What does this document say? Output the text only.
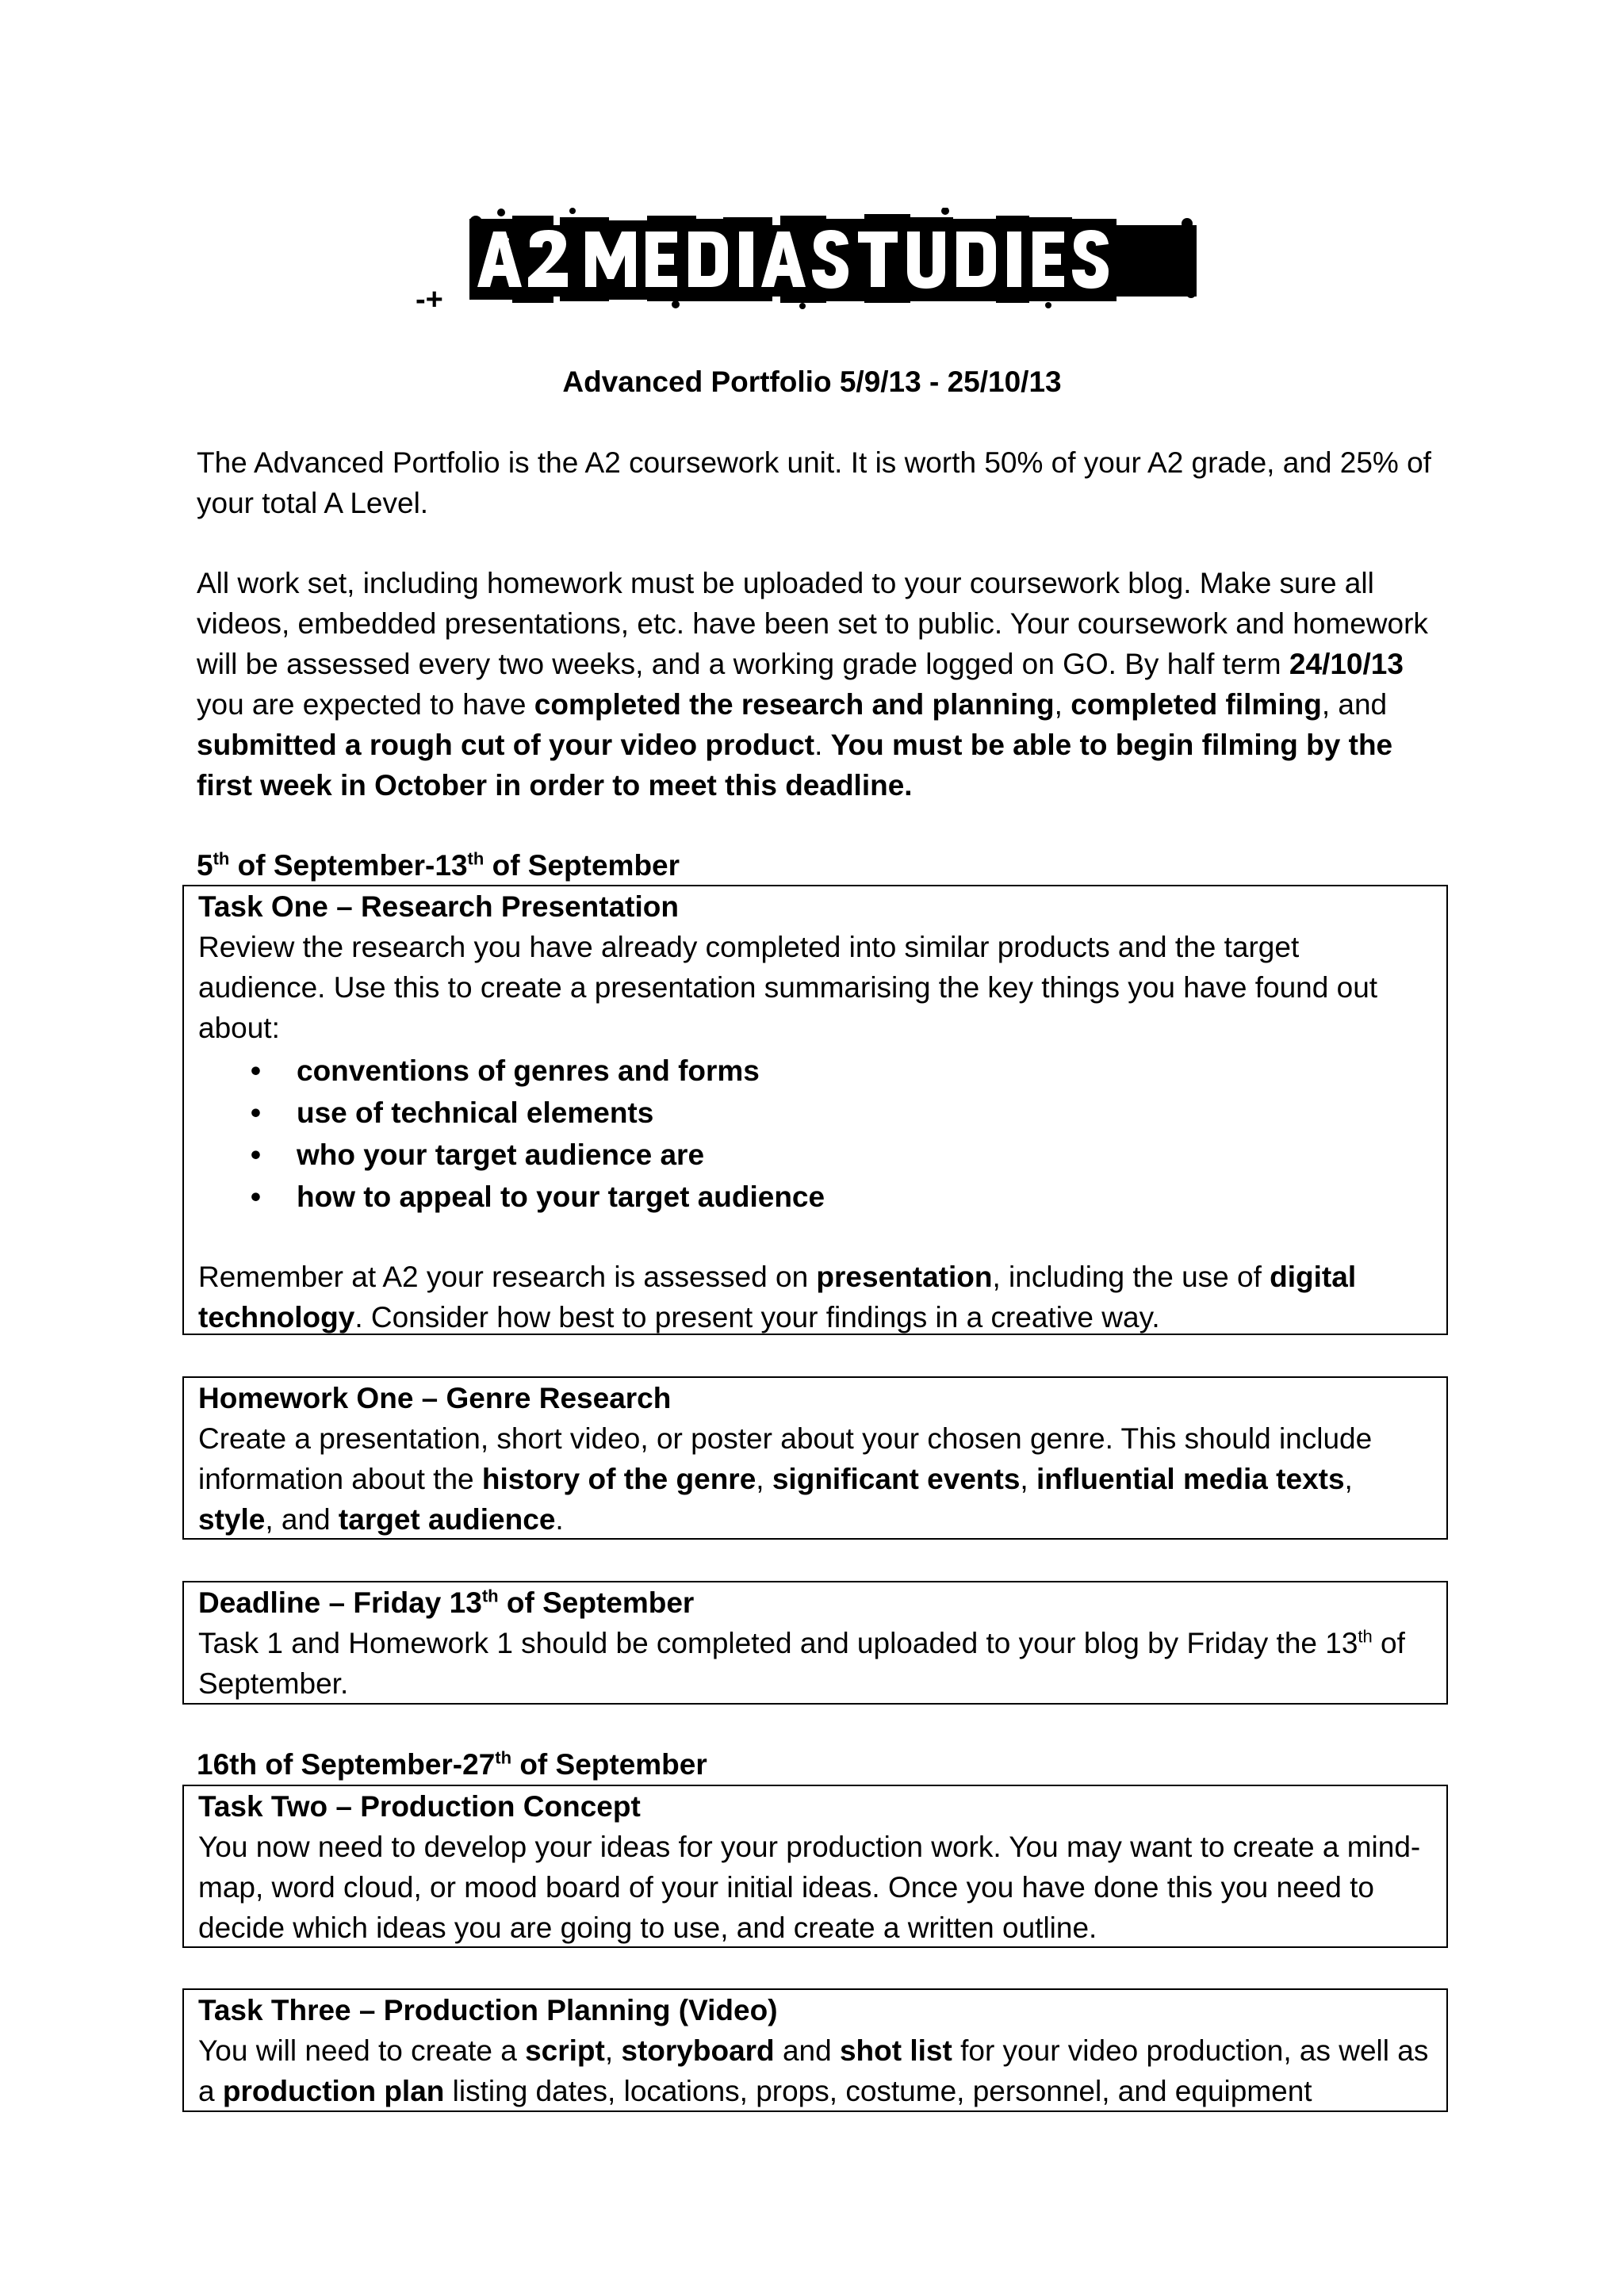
-+

Advanced Portfolio 5/9/13 - 25/10/13

The Advanced Portfolio is the A2 coursework unit. It is worth 50% of your A2 grade, and 25% of your total A Level.

All work set, including homework must be uploaded to your coursework blog. Make sure all videos, embedded presentations, etc. have been set to public. Your coursework and homework will be assessed every two weeks, and a working grade logged on GO. By half term 24/10/13 you are expected to have completed the research and planning, completed filming, and submitted a rough cut of your video product. You must be able to begin filming by the first week in October in order to meet this deadline.

5th of September-13th of September

Task One – Research Presentation

Review the research you have already completed into similar products and the target audience. Use this to create a presentation summarising the key things you have found out about:

• conventions of genres and forms
• use of technical elements
• who your target audience are
• how to appeal to your target audience

Remember at A2 your research is assessed on presentation, including the use of digital technology. Consider how best to present your findings in a creative way.

Homework One – Genre Research

Create a presentation, short video, or poster about your chosen genre. This should include information about the history of the genre, significant events, influential media texts, style, and target audience.

Deadline – Friday 13th of September

Task 1 and Homework 1 should be completed and uploaded to your blog by Friday the 13th of September.

16th of September-27th of September

Task Two – Production Concept

You now need to develop your ideas for your production work. You may want to create a mind-map, word cloud, or mood board of your initial ideas. Once you have done this you need to decide which ideas you are going to use, and create a written outline.

Task Three – Production Planning (Video)

You will need to create a script, storyboard and shot list for your video production, as well as a production plan listing dates, locations, props, costume, personnel, and equipment
